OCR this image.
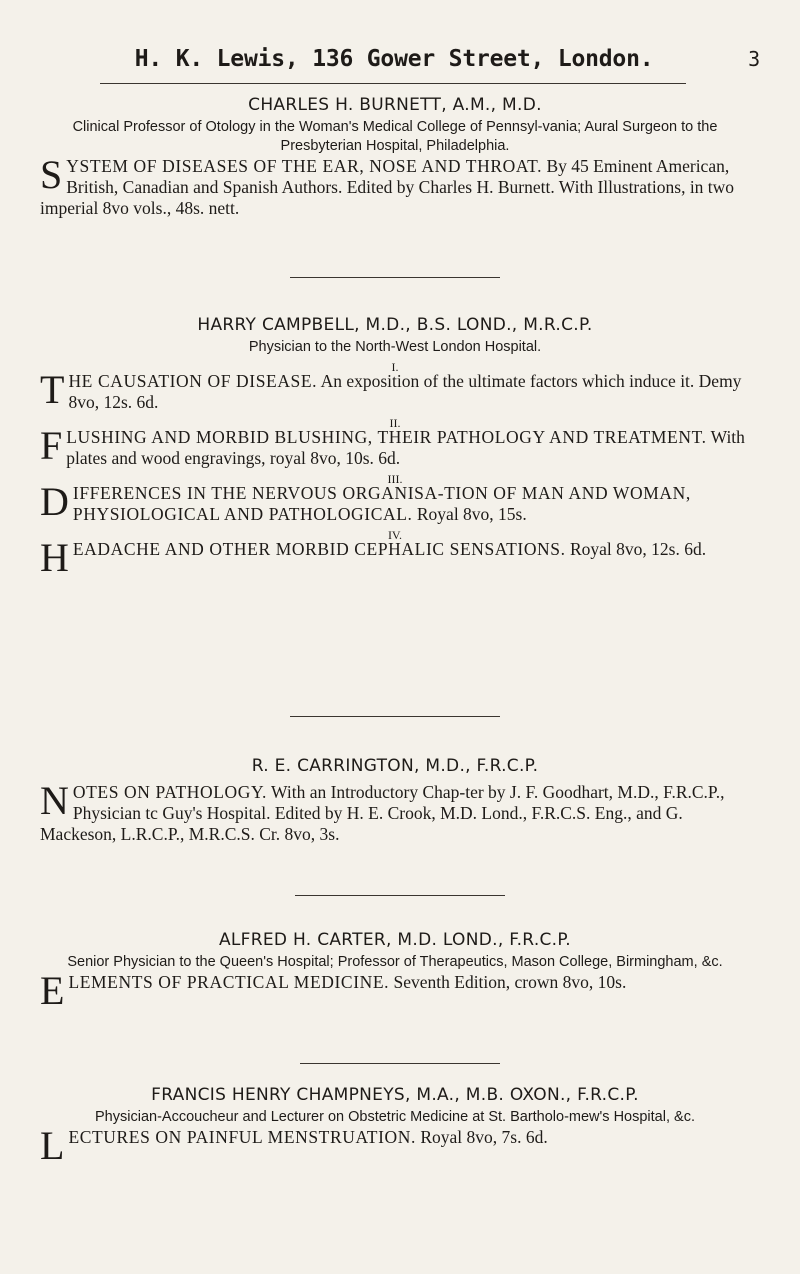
H. K. Lewis, 136 Gower Street, London.	3

CHARLES H. BURNETT, A.M., M.D.

Clinical Professor of Otology in the Woman's Medical College of Pennsyl-vania; Aural Surgeon to the Presbyterian Hospital, Philadelphia.

SYSTEM OF DISEASES OF THE EAR, NOSE AND THROAT. By 45 Eminent American, British, Canadian and Spanish Authors. Edited by Charles H. Burnett. With Illustrations, in two imperial 8vo vols., 48s. nett.

HARRY CAMPBELL, M.D., B.S. LOND., M.R.C.P.

Physician to the North-West London Hospital.

I.

THE CAUSATION OF DISEASE. An exposition of the ultimate factors which induce it. Demy 8vo, 12s. 6d.

II.

FLUSHING AND MORBID BLUSHING, THEIR PATHOLOGY AND TREATMENT. With plates and wood engravings, royal 8vo, 10s. 6d.

III.

DIFFERENCES IN THE NERVOUS ORGANISA-TION OF MAN AND WOMAN, PHYSIOLOGICAL AND PATHOLOGICAL. Royal 8vo, 15s.

IV.

HEADACHE AND OTHER MORBID CEPHALIC SENSATIONS. Royal 8vo, 12s. 6d.

R. E. CARRINGTON, M.D., F.R.C.P.

NOTES ON PATHOLOGY. With an Introductory Chap-ter by J. F. Goodhart, M.D., F.R.C.P., Physician tc Guy's Hospital. Edited by H. E. Crook, M.D. Lond., F.R.C.S. Eng., and G. Mackeson, L.R.C.P., M.R.C.S. Cr. 8vo, 3s.

ALFRED H. CARTER, M.D. LOND., F.R.C.P.

Senior Physician to the Queen's Hospital; Professor of Therapeutics, Mason College, Birmingham, &c.

ELEMENTS OF PRACTICAL MEDICINE. Seventh Edition, crown 8vo, 10s.

FRANCIS HENRY CHAMPNEYS, M.A., M.B. OXON., F.R.C.P.

Physician-Accoucheur and Lecturer on Obstetric Medicine at St. Bartholo-mew's Hospital, &c.

LECTURES ON PAINFUL MENSTRUATION. Royal 8vo, 7s. 6d.
